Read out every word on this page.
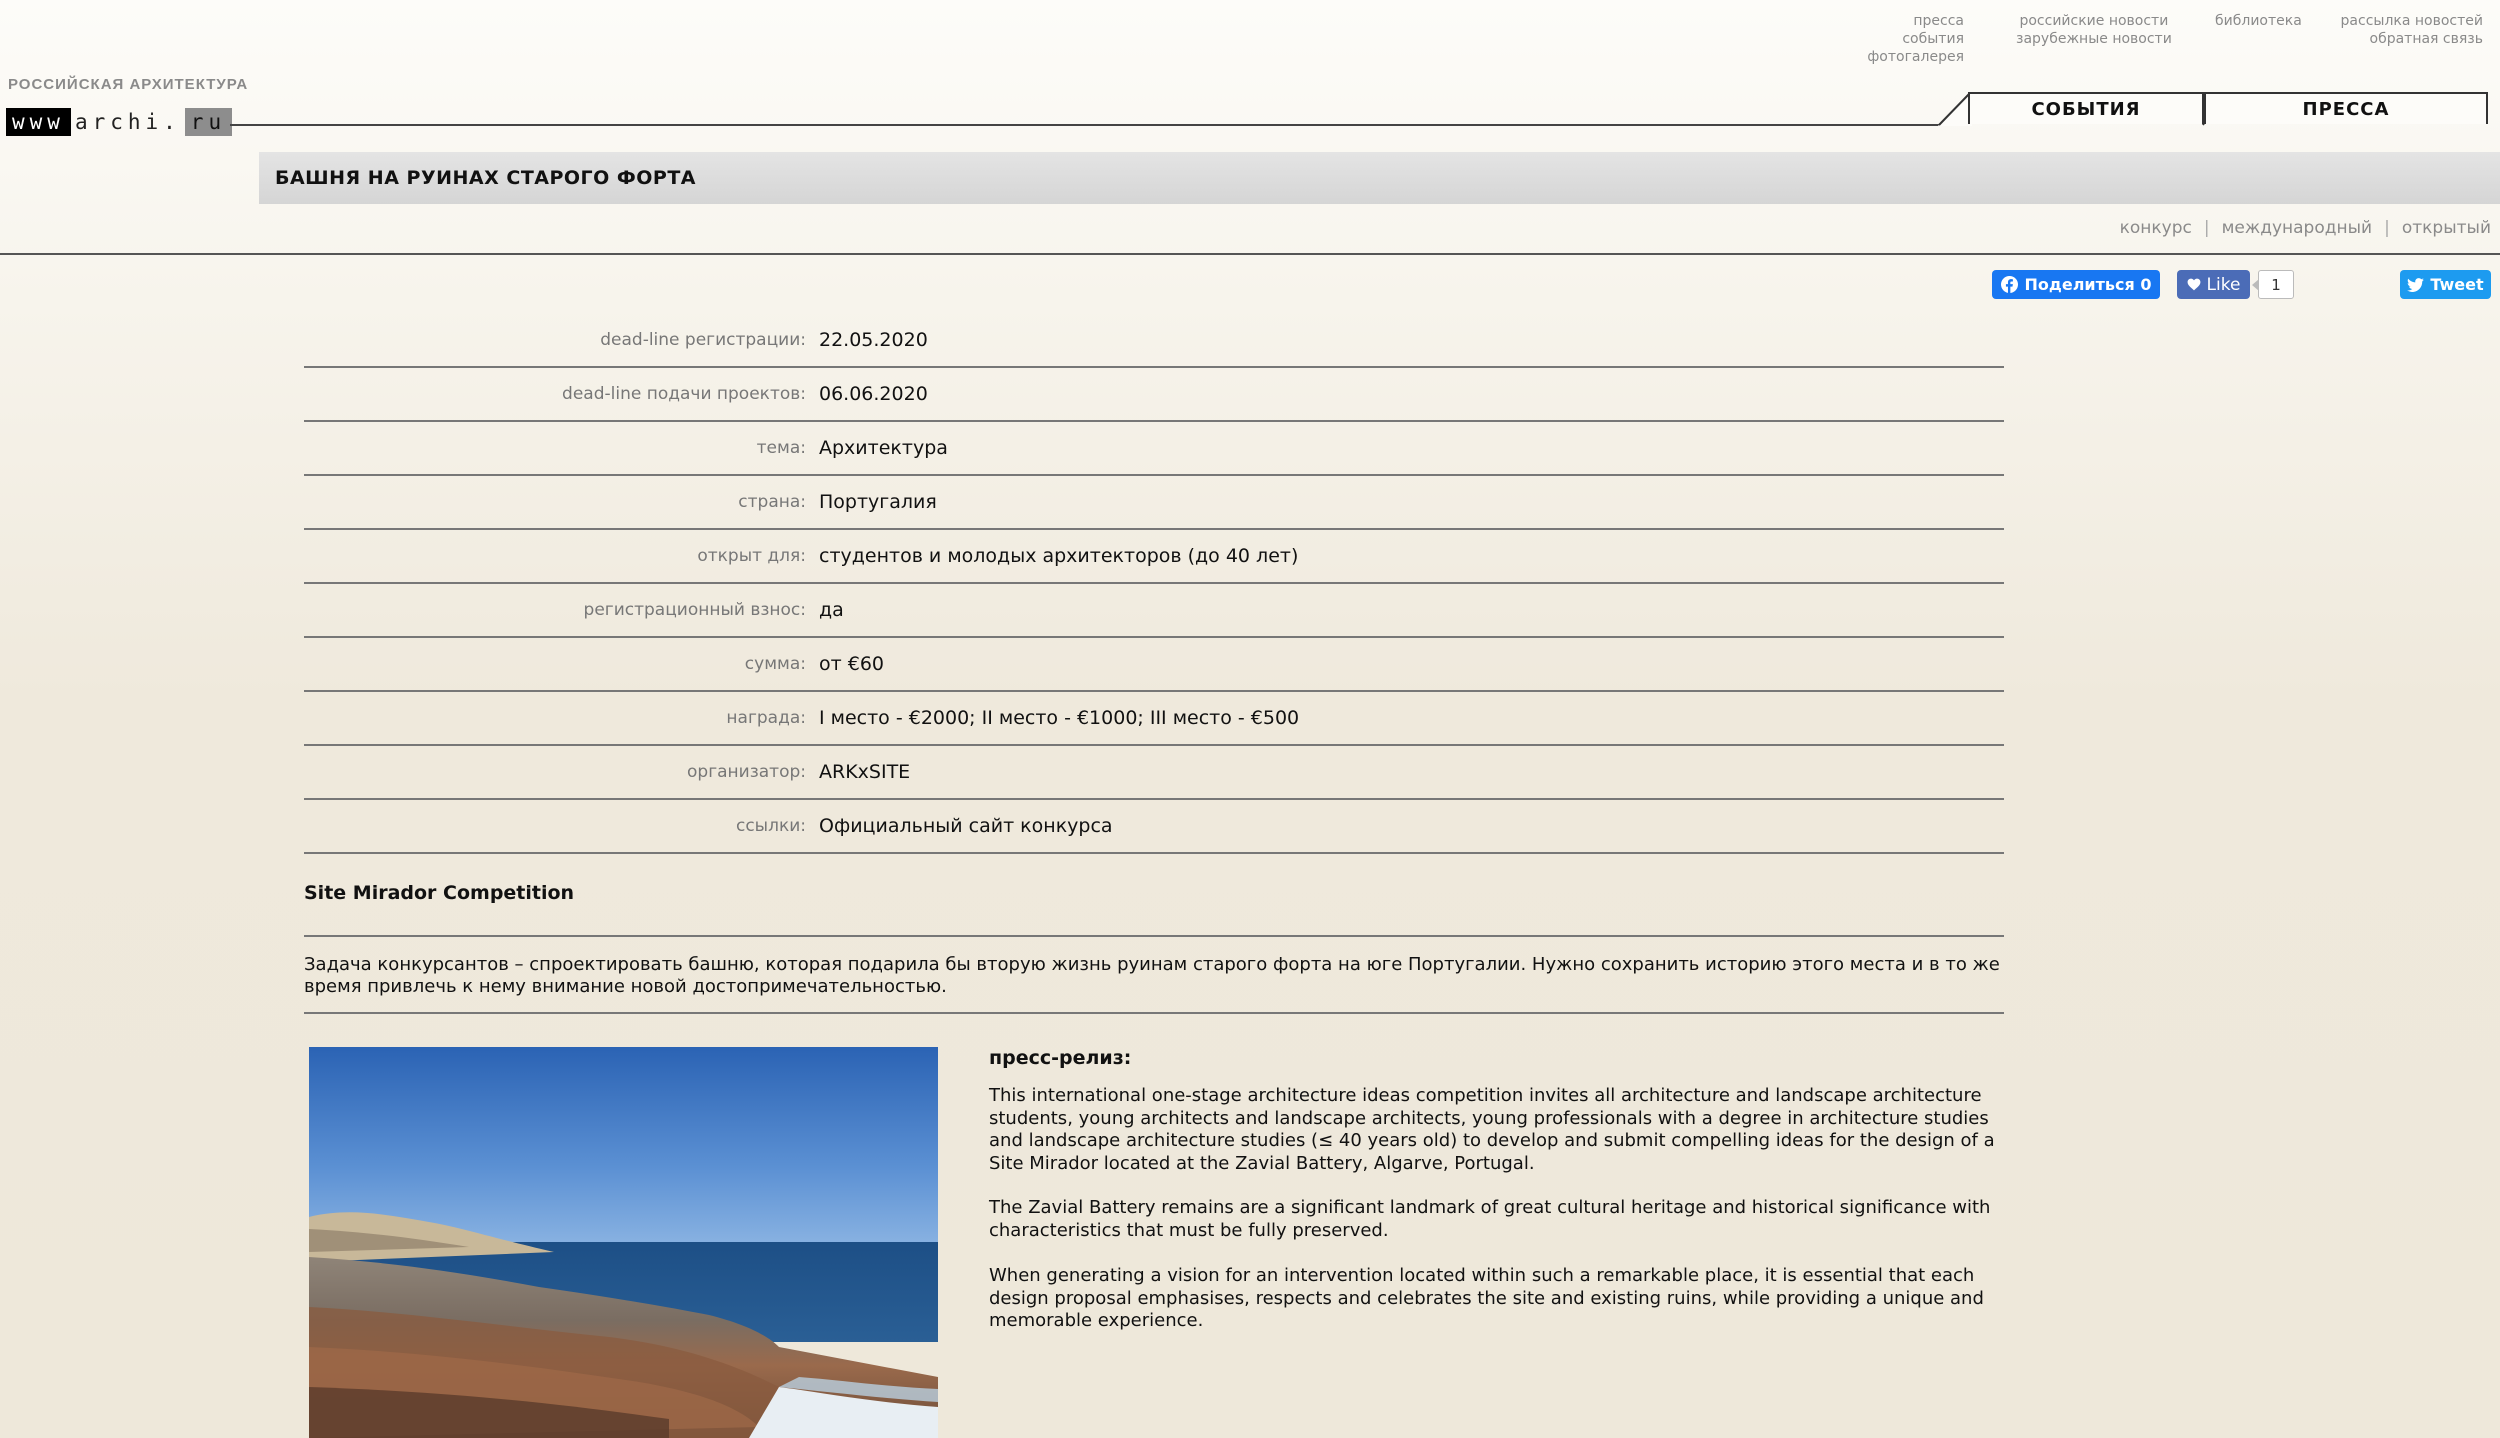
РОССИЙСКАЯ АРХИТЕКТУРА
www archi. ru
пресса
события
фотогалерея
российские новости
зарубежные новости
библиотека	рассылка новостей
обратная связь
СОБЫТИЯ	ПРЕССА
БАШНЯ НА РУИНАХ СТАРОГО ФОРТА
конкурс | международный | открытый
Поделиться 0	Like	1	Tweet
dead-line регистрации: 22.05.2020
dead-line подачи проектов: 06.06.2020
тема: Архитектура
страна: Португалия
открыт для: студентов и молодых архитекторов (до 40 лет)
регистрационный взнос: да
сумма: от €60
награда: I место - €2000; II место - €1000; III место - €500
организатор: ARKxSITE
ссылки: Официальный сайт конкурса
Site Mirador Competition
Задача конкурсантов – спроектировать башню, которая подарила бы вторую жизнь руинам старого форта на юге Португалии. Нужно сохранить историю этого места и в то же время привлечь к нему внимание новой достопримечательностью.
пресс-релиз:
This international one-stage architecture ideas competition invites all architecture and landscape architecture students, young architects and landscape architects, young professionals with a degree in architecture studies and landscape architecture studies (≤ 40 years old) to develop and submit compelling ideas for the design of a Site Mirador located at the Zavial Battery, Algarve, Portugal.
The Zavial Battery remains are a significant landmark of great cultural heritage and historical significance with characteristics that must be fully preserved.
When generating a vision for an intervention located within such a remarkable place, it is essential that each design proposal emphasises, respects and celebrates the site and existing ruins, while providing a unique and memorable experience.
